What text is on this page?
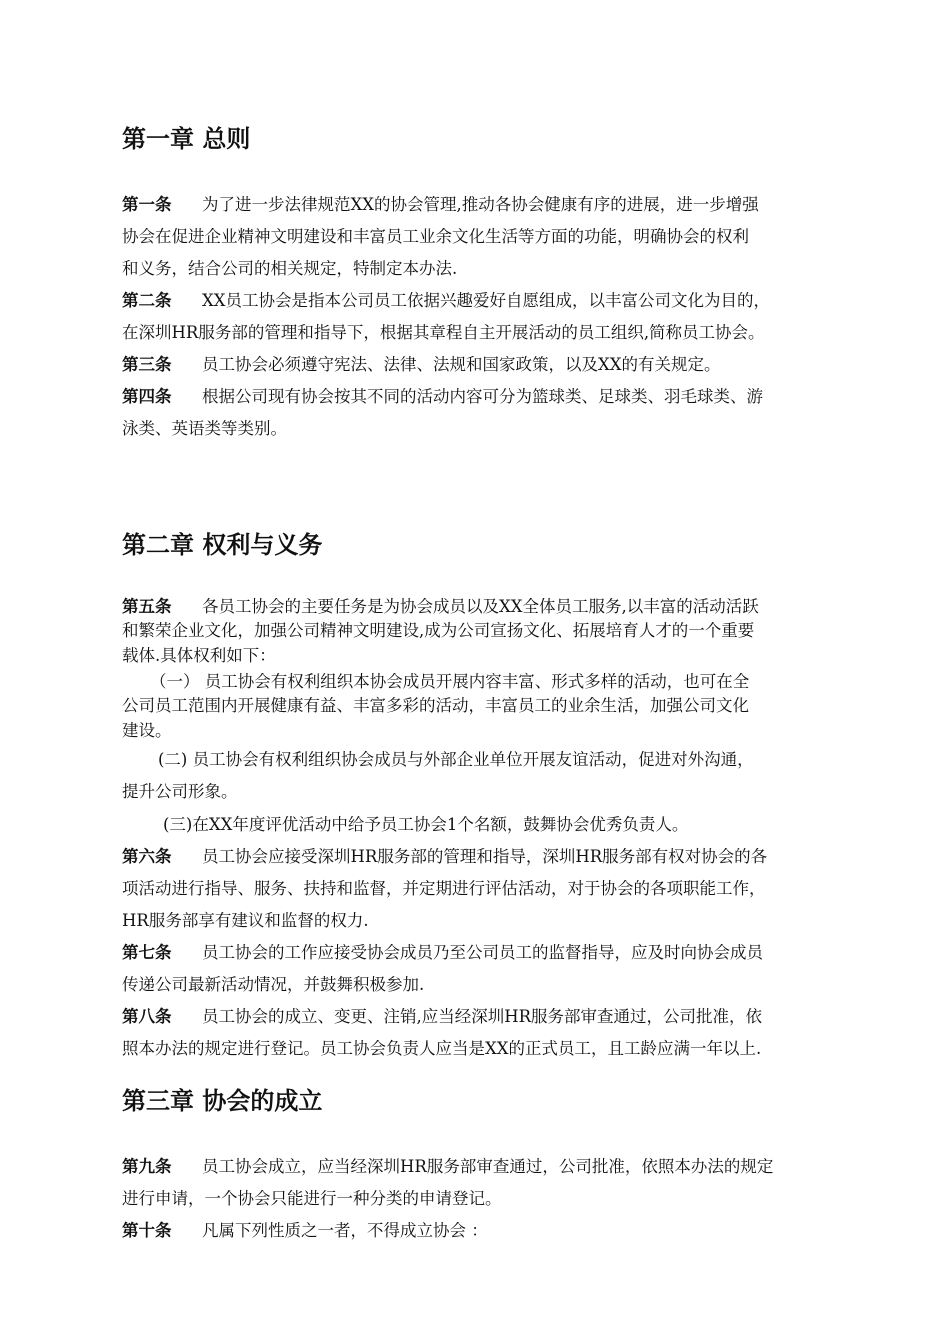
第一章 总则
第一条 为了进一步法律规范XX的协会管理,推动各协会健康有序的进展，进一步增强
协会在促进企业精神文明建设和丰富员工业余文化生活等方面的功能，明确协会的权利
和义务，结合公司的相关规定，特制定本办法.
第二条 XX员工协会是指本公司员工依据兴趣爱好自愿组成，以丰富公司文化为目的，
在深圳HR服务部的管理和指导下，根据其章程自主开展活动的员工组织,简称员工协会。
第三条 员工协会必须遵守宪法、法律、法规和国家政策，以及XX的有关规定。
第四条 根据公司现有协会按其不同的活动内容可分为篮球类、足球类、羽毛球类、游
泳类、英语类等类别。
第二章 权利与义务
第五条 各员工协会的主要任务是为协会成员以及XX全体员工服务,以丰富的活动活跃
和繁荣企业文化，加强公司精神文明建设,成为公司宣扬文化、拓展培育人才的一个重要
载体.具体权利如下：
（一） 员工协会有权利组织本协会成员开展内容丰富、形式多样的活动，也可在全
公司员工范围内开展健康有益、丰富多彩的活动，丰富员工的业余生活，加强公司文化
建设。
(二) 员工协会有权利组织协会成员与外部企业单位开展友谊活动，促进对外沟通，
提升公司形象。
(三)在XX年度评优活动中给予员工协会1个名额，鼓舞协会优秀负责人。
第六条 员工协会应接受深圳HR服务部的管理和指导，深圳HR服务部有权对协会的各
项活动进行指导、服务、扶持和监督，并定期进行评估活动，对于协会的各项职能工作，
HR服务部享有建议和监督的权力.
第七条 员工协会的工作应接受协会成员乃至公司员工的监督指导，应及时向协会成员
传递公司最新活动情况，并鼓舞积极参加.
第八条 员工协会的成立、变更、注销,应当经深圳HR服务部审查通过，公司批准，依
照本办法的规定进行登记。员工协会负责人应当是XX的正式员工，且工龄应满一年以上.
第三章 协会的成立
第九条 员工协会成立，应当经深圳HR服务部审查通过，公司批准，依照本办法的规定
进行申请，一个协会只能进行一种分类的申请登记。
第十条 凡属下列性质之一者，不得成立协会 ：
